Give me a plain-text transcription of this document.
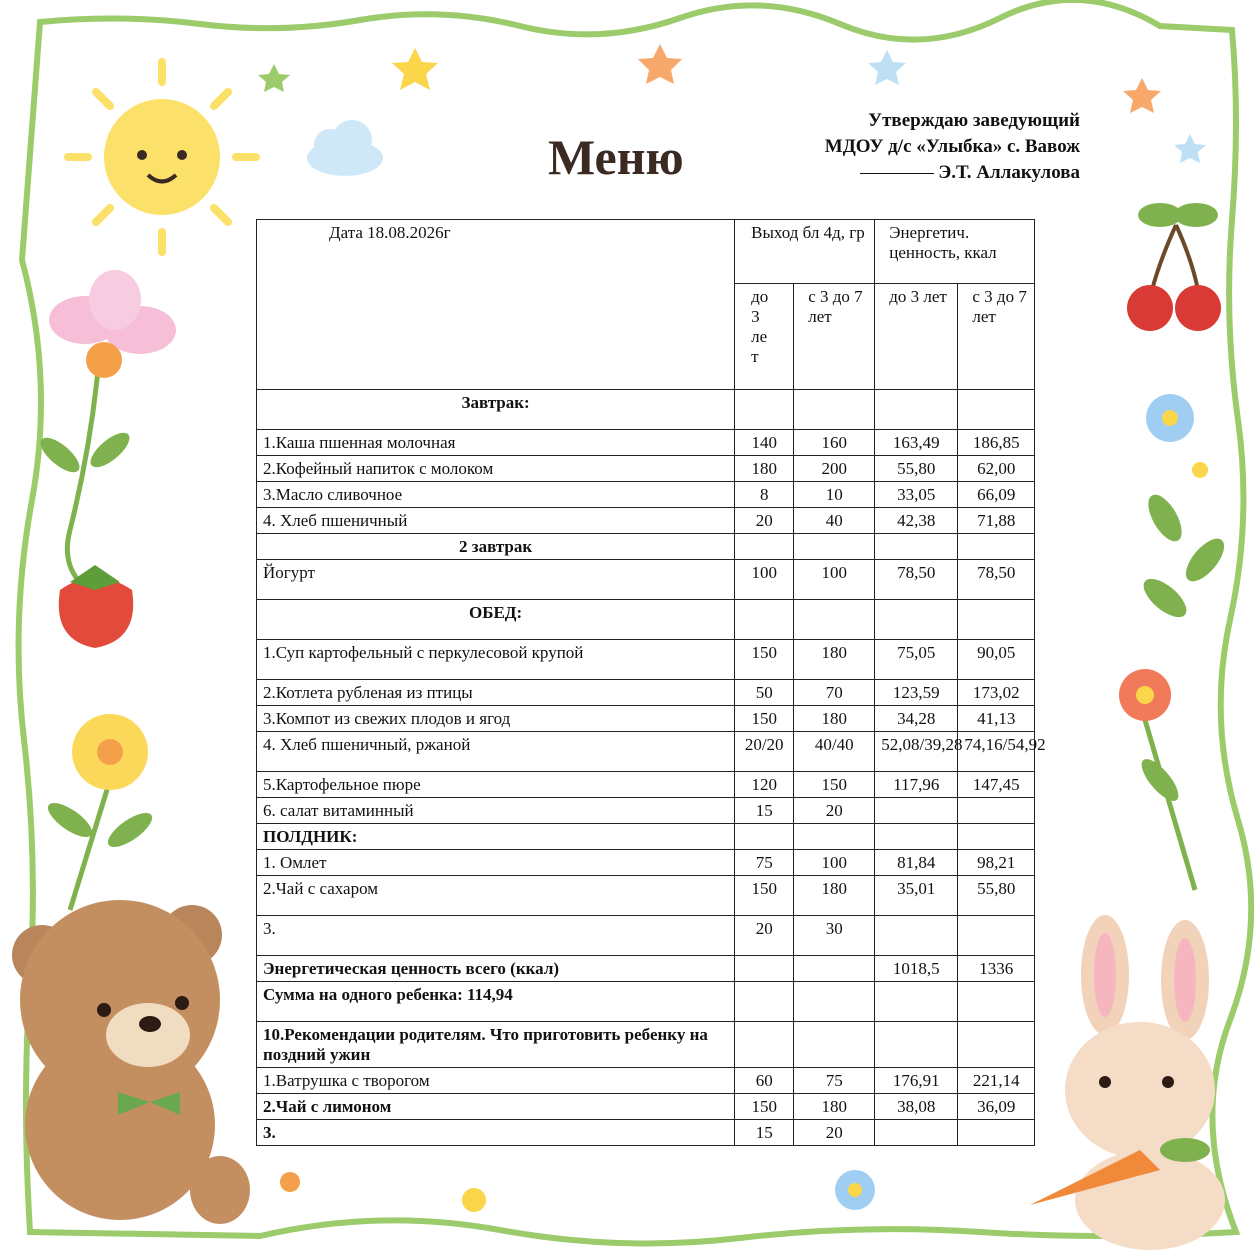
Меню
Утверждаю заведующий
МДОУ д/с «Улыбка» с. Вавож
Э.Т. Аллакулова
Дата 18.08.2026г	Выход бл 4д, гр		Энергетич. ценность, ккал	
	до 3 лет	с 3 до 7 лет	до 3 лет	с 3 до 7 лет
Завтрак:				
1.Каша пшенная молочная	140	160	163,49	186,85
2.Кофейный напиток с молоком	180	200	55,80	62,00
3.Масло сливочное	8	10	33,05	66,09
4. Хлеб пшеничный	20	40	42,38	71,88
2 завтрак				
Йогурт	100	100	78,50	78,50
ОБЕД:				
1.Суп картофельный с перкулесовой крупой	150	180	75,05	90,05
2.Котлета рубленая из птицы	50	70	123,59	173,02
3.Компот из свежих плодов и ягод	150	180	34,28	41,13
4. Хлеб пшеничный, ржаной	20/20	40/40	52,08/39,28	74,16/54,92
5.Картофельное пюре	120	150	117,96	147,45
6. салат витаминный	15	20		
ПОЛДНИК:				
1. Омлет	75	100	81,84	98,21
2.Чай с сахаром	150	180	35,01	55,80
3.	20	30		
Энергетическая ценность всего (ккал)			1018,5	1336
Сумма на одного ребенка: 114,94				
10.Рекомендации родителям. Что приготовить ребенку на поздний ужин				
1.Ватрушка с творогом	60	75	176,91	221,14
2.Чай с лимоном	150	180	38,08	36,09
3.	15	20		
